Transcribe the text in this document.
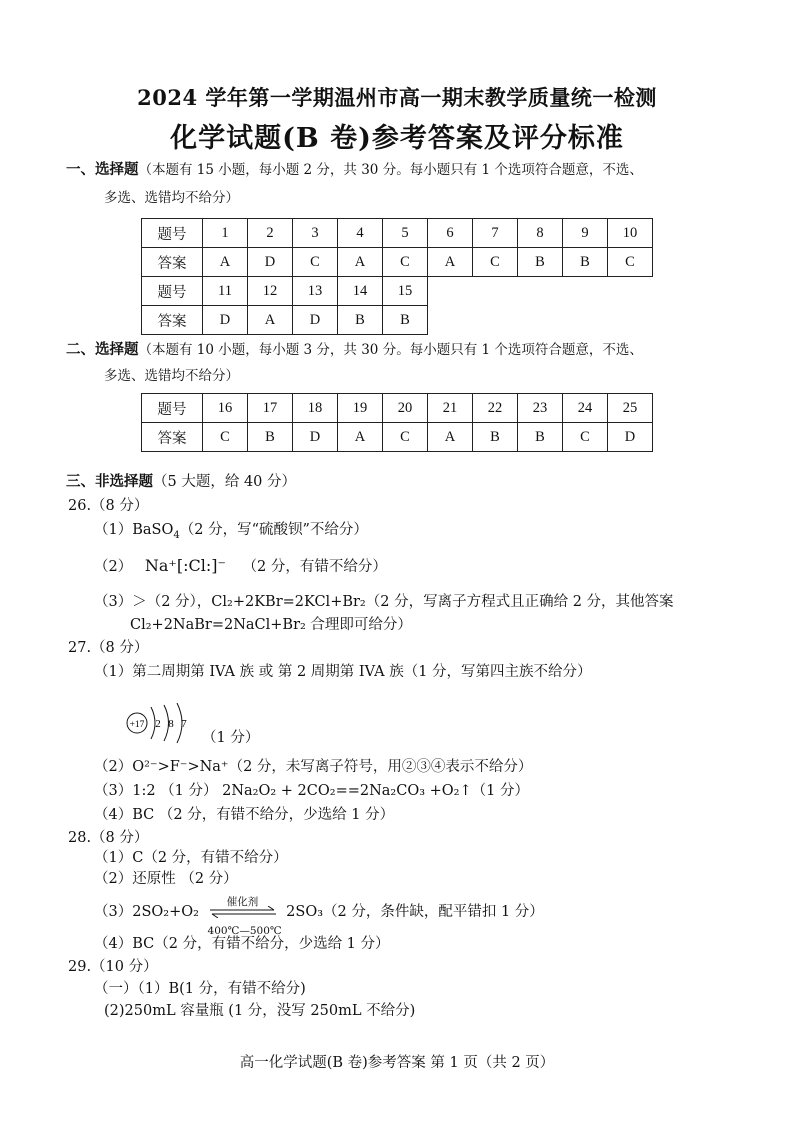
2024 学年第一学期温州市高一期末教学质量统一检测
化学试题(B 卷)参考答案及评分标准
一、选择题（本题有 15 小题，每小题 2 分，共 30 分。每小题只有 1 个选项符合题意，不选、
多选、选错均不给分）
题号	1	2	3	4	5	6	7	8	9	10
答案	A	D	C	A	C	A	C	B	B	C
题号	11	12	13	14	15					
答案	D	A	D	B	B					
二、选择题（本题有 10 小题，每小题 3 分，共 30 分。每小题只有 1 个选项符合题意，不选、
多选、选错均不给分）
题号	16	17	18	19	20	21	22	23	24	25
答案	C	B	D	A	C	A	B	B	C	D
三、非选择题（5 大题，给 40 分）
26.（8 分）
（1）BaSO$_4$（2 分，写“硫酸钡”不给分）
（2） Na⁺[:Cl:]⁻ （2 分，有错不给分）
（3）＞（2 分），Cl₂+2KBr=2KCl+Br₂（2 分，写离子方程式且正确给 2 分，其他答案
Cl₂+2NaBr=2NaCl+Br₂ 合理即可给分）
27.（8 分）
（1）第二周期第 IVA 族 或 第 2 周期第 IVA 族（1 分，写第四主族不给分）
+17 2 8 7
（1 分）
（2）O²⁻>F⁻>Na⁺（2 分，未写离子符号，用②③④表示不给分）
（3）1:2 （1 分） 2Na₂O₂ + 2CO₂==2Na₂CO₃ +O₂↑（1 分）
（4）BC （2 分，有错不给分，少选给 1 分）
28.（8 分）
（1）C（2 分，有错不给分）
（2）还原性 （2 分）
（3）2SO₂+O₂
催化剂
400℃—500℃
2SO₃（2 分，条件缺，配平错扣 1 分）
（4）BC（2 分，有错不给分，少选给 1 分）
29.（10 分）
（一）（1）B(1 分，有错不给分)
(2)250mL 容量瓶 (1 分，没写 250mL 不给分)
高一化学试题(B 卷)参考答案 第 1 页（共 2 页）
